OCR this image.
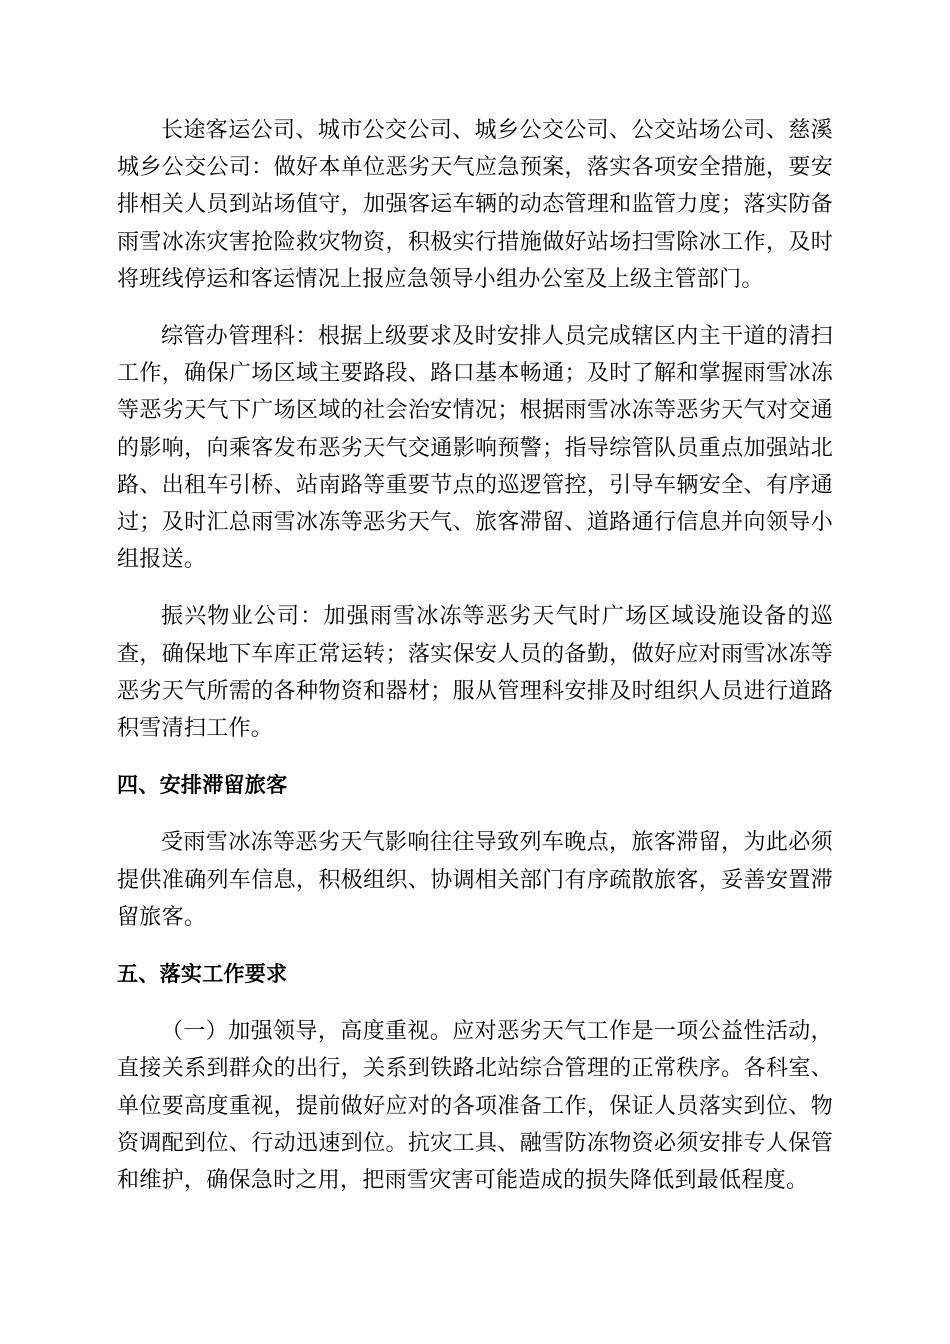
长途客运公司、城市公交公司、城乡公交公司、公交站场公司、慈溪城乡公交公司：做好本单位恶劣天气应急预案，落实各项安全措施，要安排相关人员到站场值守，加强客运车辆的动态管理和监管力度；落实防备雨雪冰冻灾害抢险救灾物资，积极实行措施做好站场扫雪除冰工作，及时将班线停运和客运情况上报应急领导小组办公室及上级主管部门。

综管办管理科：根据上级要求及时安排人员完成辖区内主干道的清扫工作，确保广场区域主要路段、路口基本畅通；及时了解和掌握雨雪冰冻等恶劣天气下广场区域的社会治安情况；根据雨雪冰冻等恶劣天气对交通的影响，向乘客发布恶劣天气交通影响预警；指导综管队员重点加强站北路、出租车引桥、站南路等重要节点的巡逻管控，引导车辆安全、有序通过；及时汇总雨雪冰冻等恶劣天气、旅客滞留、道路通行信息并向领导小组报送。

振兴物业公司：加强雨雪冰冻等恶劣天气时广场区域设施设备的巡查，确保地下车库正常运转；落实保安人员的备勤，做好应对雨雪冰冻等恶劣天气所需的各种物资和器材；服从管理科安排及时组织人员进行道路积雪清扫工作。

四、安排滞留旅客

受雨雪冰冻等恶劣天气影响往往导致列车晚点，旅客滞留，为此必须提供准确列车信息，积极组织、协调相关部门有序疏散旅客，妥善安置滞留旅客。

五、落实工作要求

（一）加强领导，高度重视。应对恶劣天气工作是一项公益性活动，直接关系到群众的出行，关系到铁路北站综合管理的正常秩序。各科室、单位要高度重视，提前做好应对的各项准备工作，保证人员落实到位、物资调配到位、行动迅速到位。抗灾工具、融雪防冻物资必须安排专人保管和维护，确保急时之用，把雨雪灾害可能造成的损失降低到最低程度。
